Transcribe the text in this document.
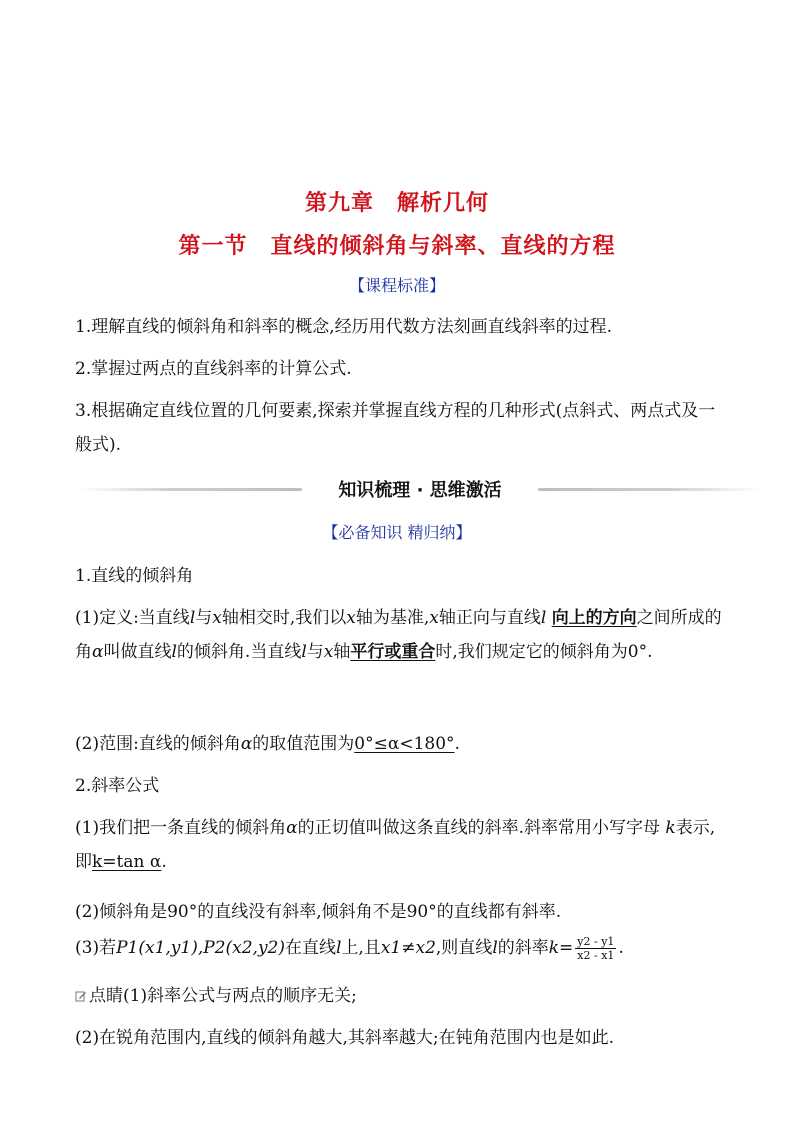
第九章　解析几何
第一节　直线的倾斜角与斜率、直线的方程
【课程标准】
1.理解直线的倾斜角和斜率的概念,经历用代数方法刻画直线斜率的过程.
2.掌握过两点的直线斜率的计算公式.
3.根据确定直线位置的几何要素,探索并掌握直线方程的几种形式(点斜式、两点式及一般式).
知识梳理 · 思维激活
【必备知识 精归纳】
1.直线的倾斜角
(1)定义:当直线l与x轴相交时,我们以x轴为基准,x轴正向与直线l 向上的方向之间所成的角α叫做直线l的倾斜角.当直线l与x轴平行或重合时,我们规定它的倾斜角为0°.
(2)范围:直线的倾斜角α的取值范围为0°≤α<180°.
2.斜率公式
(1)我们把一条直线的倾斜角α的正切值叫做这条直线的斜率.斜率常用小写字母 k表示,即k=tan α.
(2)倾斜角是90°的直线没有斜率,倾斜角不是90°的直线都有斜率.
(3)若P1(x1,y1),P2(x2,y2)在直线l上,且x1≠x2,则直线l的斜率$k= \frac{y2 - y1}{x2 - x1}$ .
点睛(1)斜率公式与两点的顺序无关;
(2)在锐角范围内,直线的倾斜角越大,其斜率越大;在钝角范围内也是如此.
